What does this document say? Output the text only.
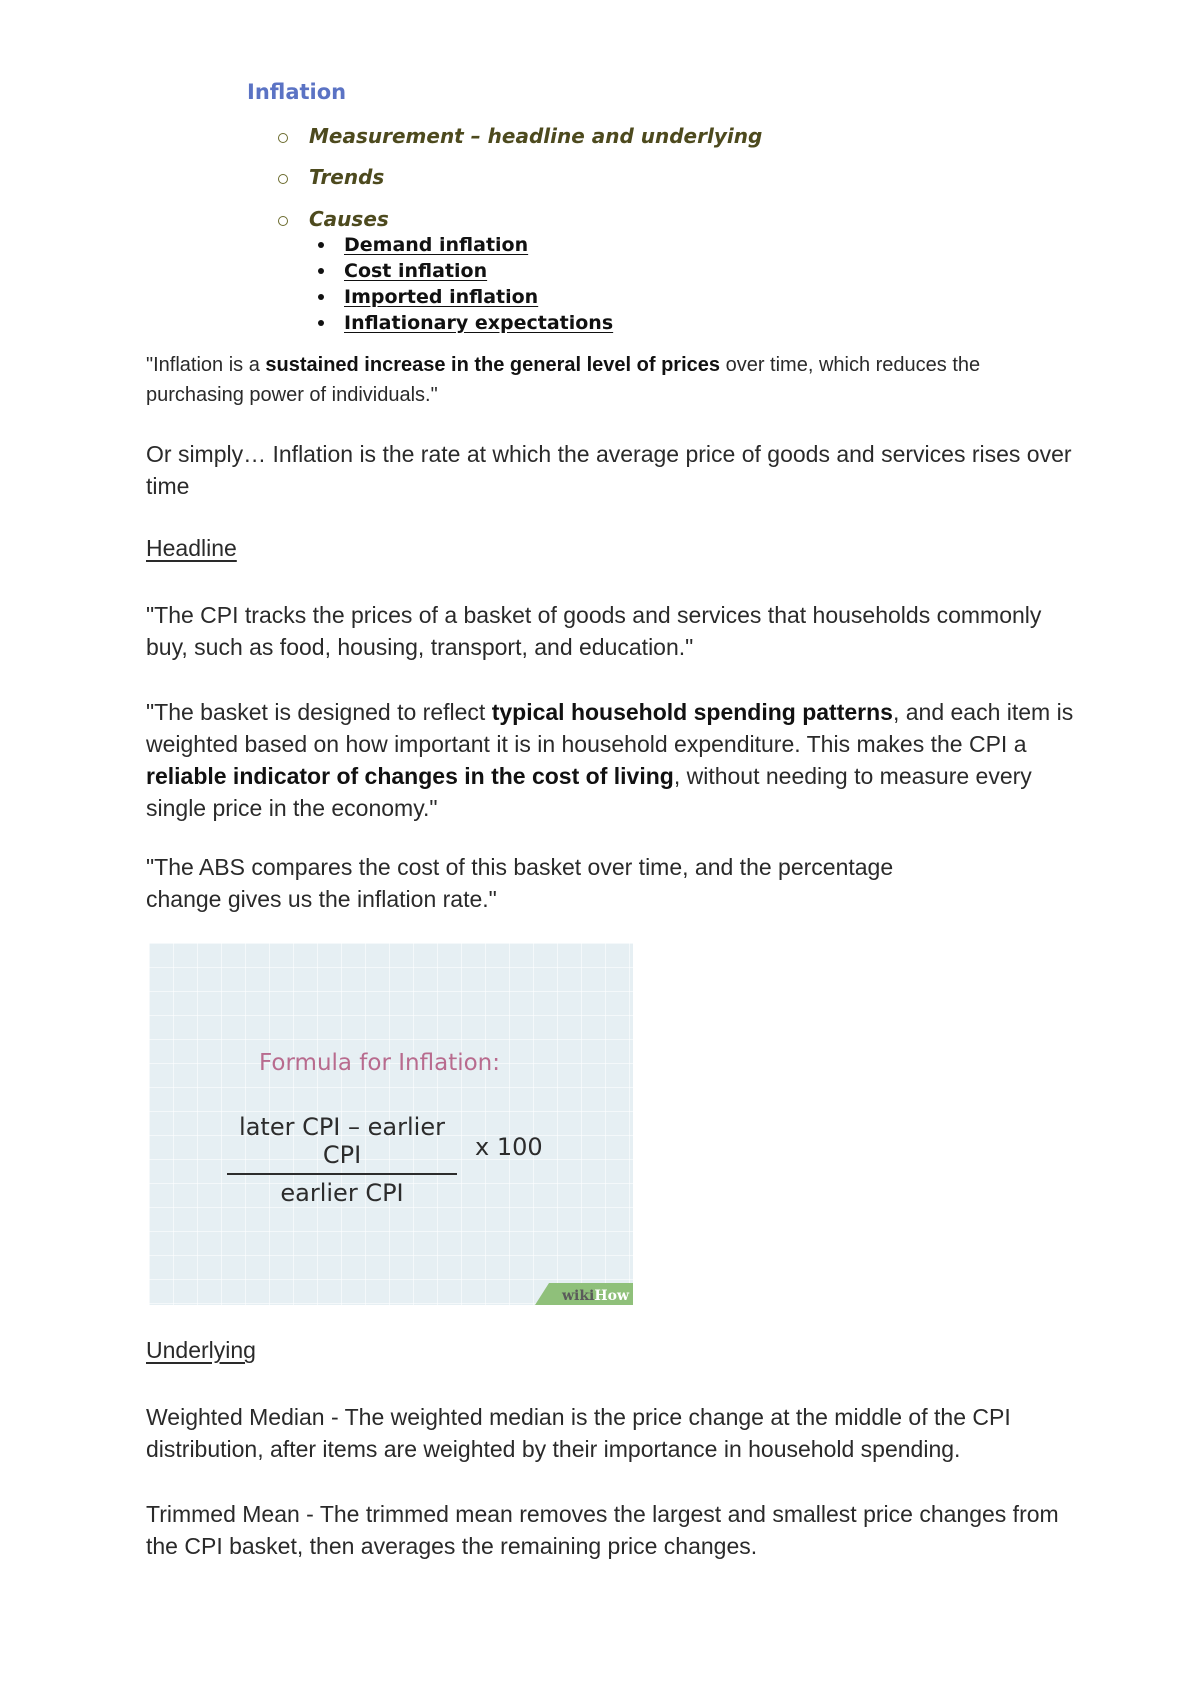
Inflation
Measurement – headline and underlying
Trends
Causes
Demand inflation
Cost inflation
Imported inflation
Inflationary expectations
"Inflation is a sustained increase in the general level of prices over time, which reduces the purchasing power of individuals."
Or simply… Inflation is the rate at which the average price of goods and services rises over time
Headline
"The CPI tracks the prices of a basket of goods and services that households commonly buy, such as food, housing, transport, and education."
"The basket is designed to reflect typical household spending patterns, and each item is weighted based on how important it is in household expenditure. This makes the CPI a reliable indicator of changes in the cost of living, without needing to measure every single price in the economy."
"The ABS compares the cost of this basket over time, and the percentage change gives us the inflation rate."
Formula for Inflation:
later CPI – earlier CPI
earlier CPI
x 100
wikiHow
Underlying
Weighted Median - The weighted median is the price change at the middle of the CPI distribution, after items are weighted by their importance in household spending.
Trimmed Mean - The trimmed mean removes the largest and smallest price changes from the CPI basket, then averages the remaining price changes.
